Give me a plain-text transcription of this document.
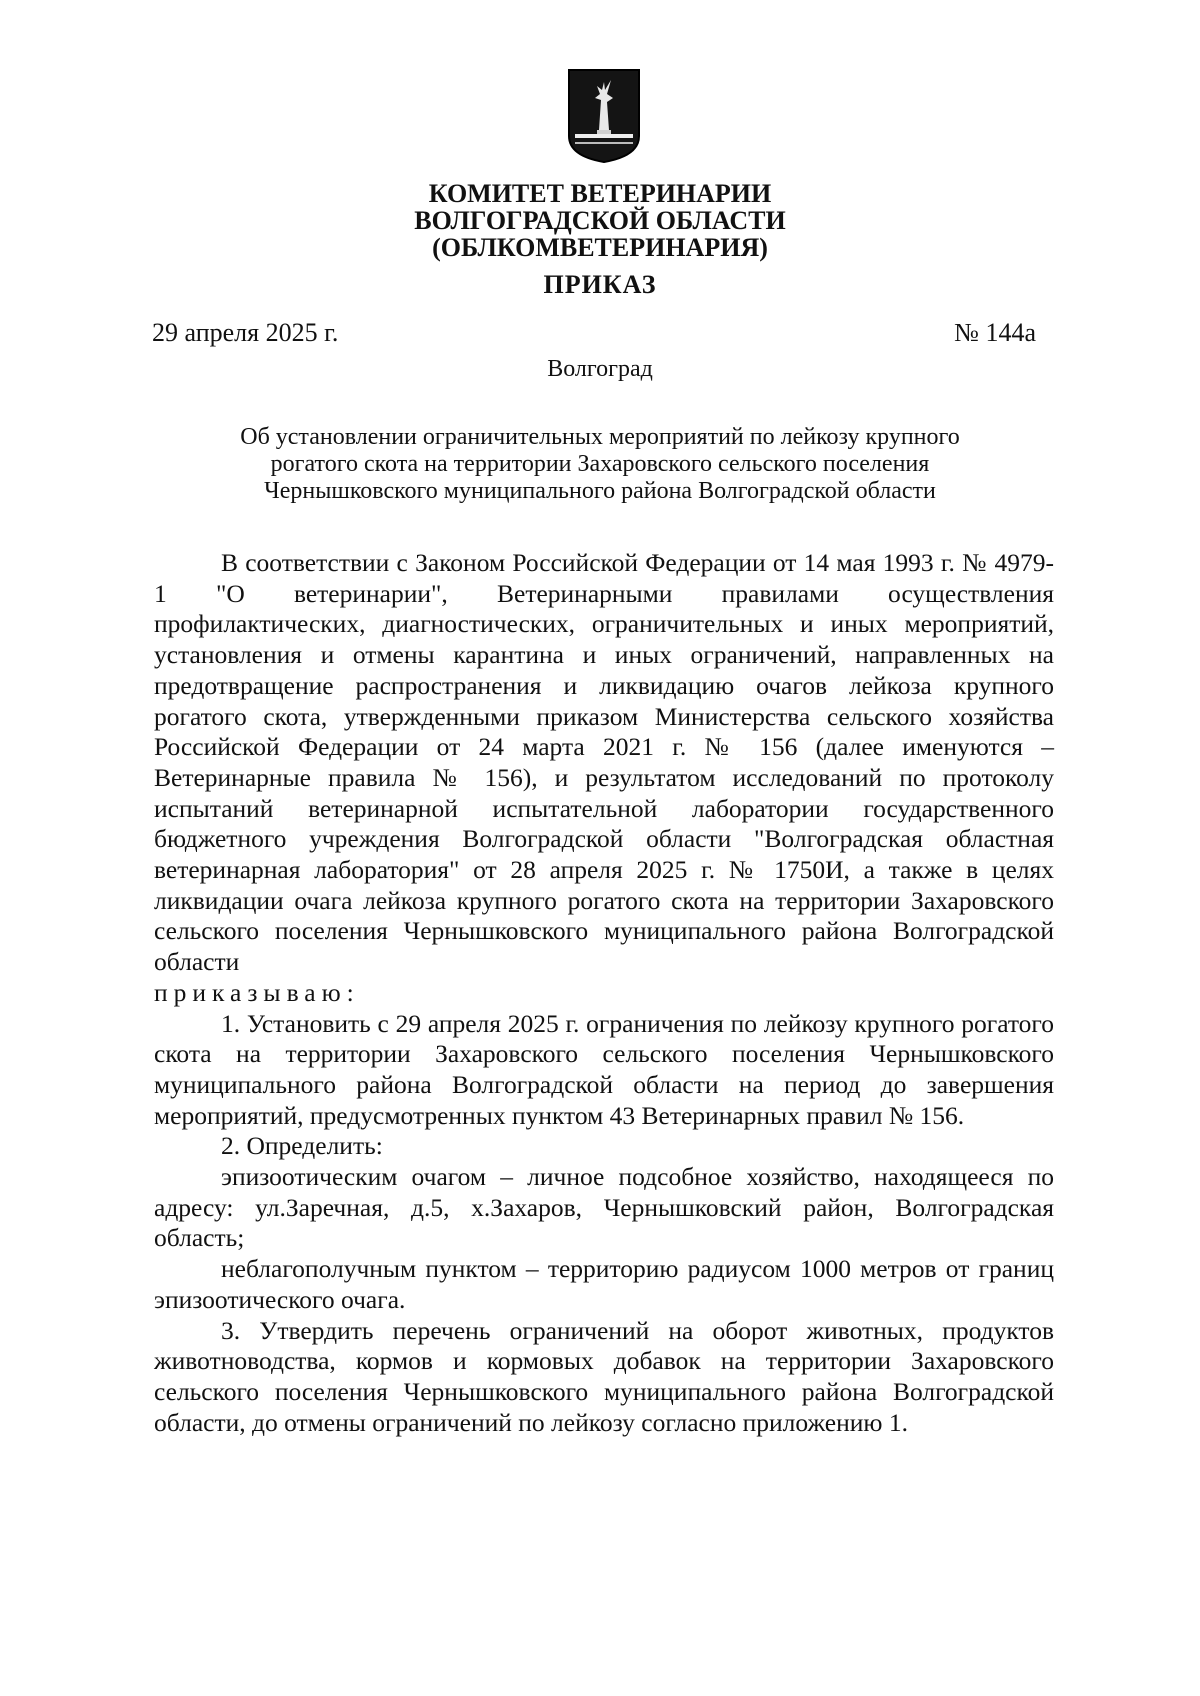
КОМИТЕТ ВЕТЕРИНАРИИ
ВОЛГОГРАДСКОЙ ОБЛАСТИ
(ОБЛКОМВЕТЕРИНАРИЯ)
ПРИКАЗ
29 апреля 2025 г.	№ 144а
Волгоград
Об установлении ограничительных мероприятий по лейкозу крупного
рогатого скота на территории Захаровского сельского поселения
Чернышковского муниципального района Волгоградской области

В соответствии с Законом Российской Федерации от 14 мая 1993 г. № 4979-1 "О ветеринарии", Ветеринарными правилами осуществления профилактических, диагностических, ограничительных и иных мероприятий, установления и отмены карантина и иных ограничений, направленных на предотвращение распространения и ликвидацию очагов лейкоза крупного рогатого скота, утвержденными приказом Министерства сельского хозяйства Российской Федерации от 24 марта 2021 г. № 156 (далее именуются – Ветеринарные правила № 156), и результатом исследований по протоколу испытаний ветеринарной испытательной лаборатории государственного бюджетного учреждения Волгоградской области "Волгоградская областная ветеринарная лаборатория" от 28 апреля 2025 г. № 1750И, а также в целях ликвидации очага лейкоза крупного рогатого скота на территории Захаровского сельского поселения Чернышковского муниципального района Волгоградской области

приказываю:

1. Установить с 29 апреля 2025 г. ограничения по лейкозу крупного рогатого скота на территории Захаровского сельского поселения Чернышковского муниципального района Волгоградской области на период до завершения мероприятий, предусмотренных пунктом 43 Ветеринарных правил № 156.

2. Определить:

эпизоотическим очагом – личное подсобное хозяйство, находящееся по адресу: ул.Заречная, д.5, х.Захаров, Чернышковский район, Волгоградская область;

неблагополучным пунктом – территорию радиусом 1000 метров от границ эпизоотического очага.

3. Утвердить перечень ограничений на оборот животных, продуктов животноводства, кормов и кормовых добавок на территории Захаровского сельского поселения Чернышковского муниципального района Волгоградской области, до отмены ограничений по лейкозу согласно приложению 1.
